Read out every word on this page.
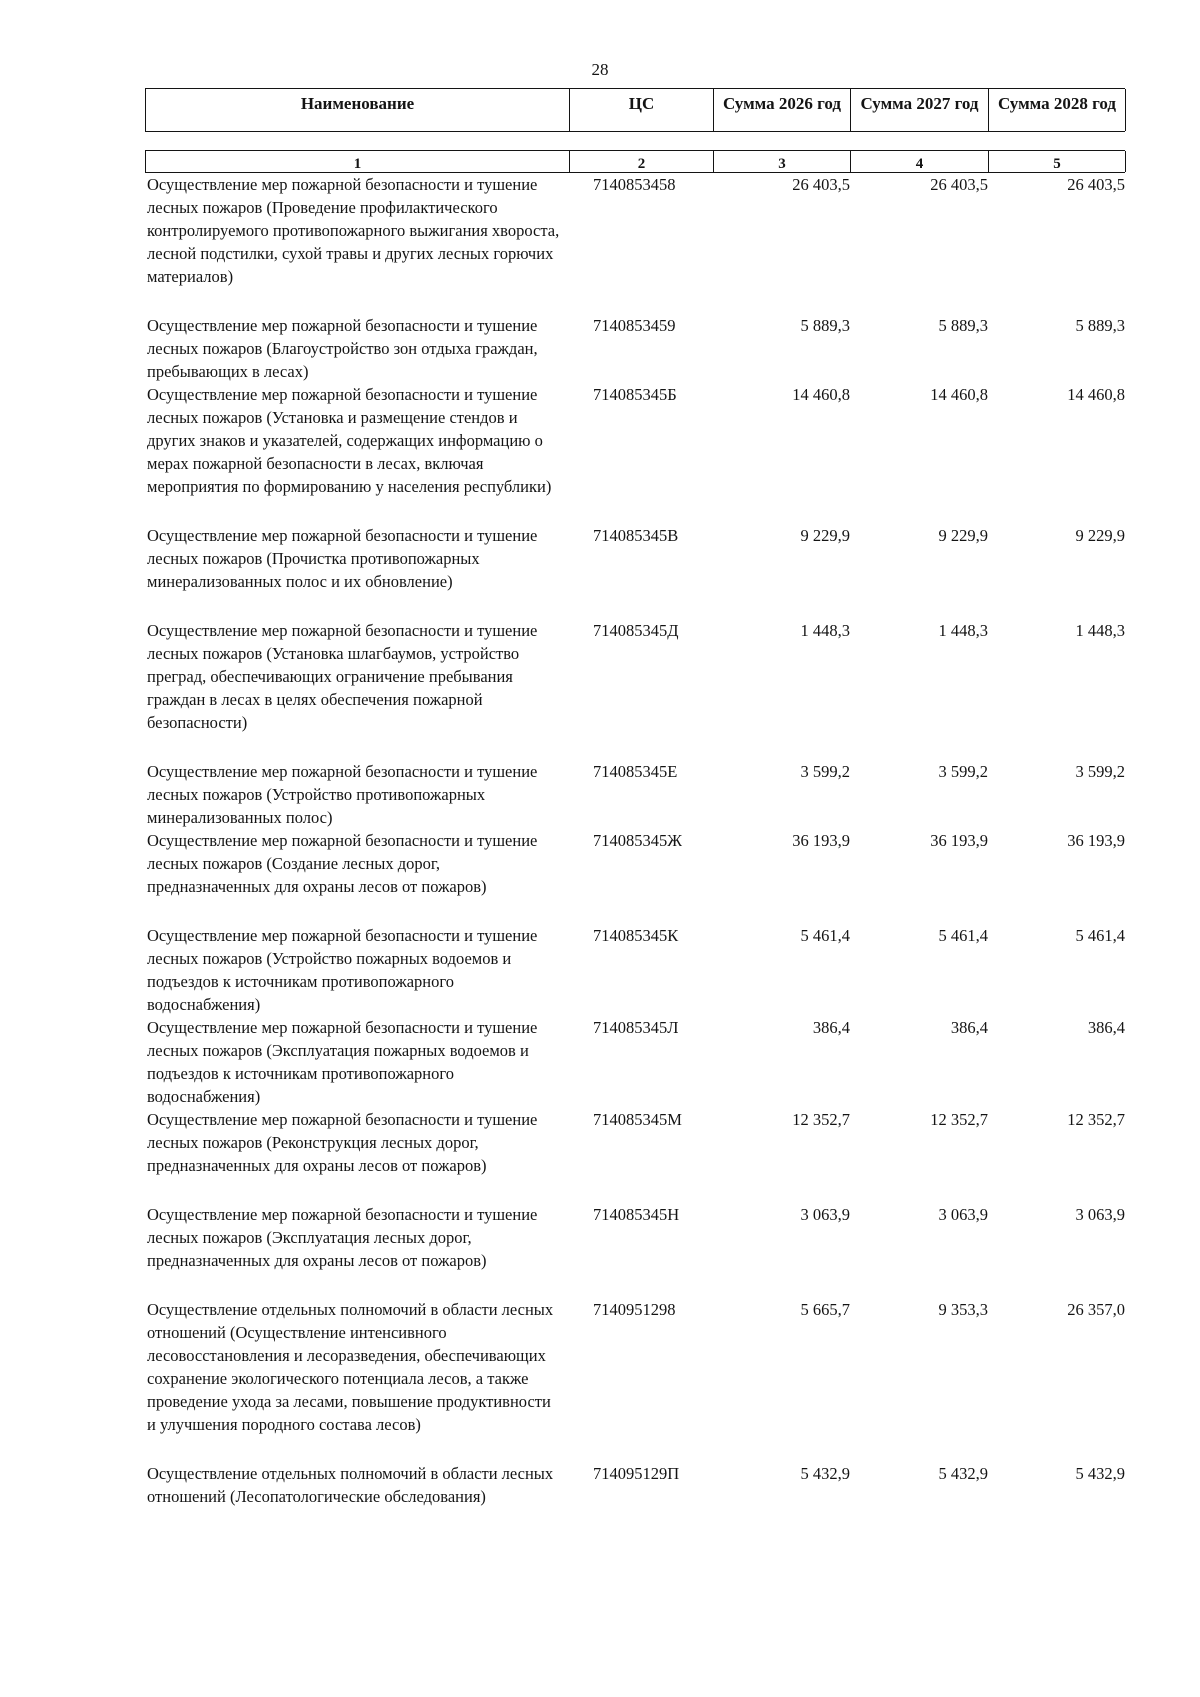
28
Наименование	ЦС	Сумма 2026 год	Сумма 2027 год	Сумма 2028 год
1	2	3	4	5
Осуществление мер пожарной безопасности и тушение лесных пожаров (Проведение профилактического контролируемого противопожарного выжигания хвороста, лесной подстилки, сухой травы и других лесных горючих материалов)
7140853458	26 403,5	26 403,5	26 403,5
Осуществление мер пожарной безопасности и тушение лесных пожаров (Благоустройство зон отдыха граждан, пребывающих в лесах)
7140853459	5 889,3	5 889,3	5 889,3
Осуществление мер пожарной безопасности и тушение лесных пожаров (Установка и размещение стендов и других знаков и указателей, содержащих информацию о мерах пожарной безопасности в лесах, включая мероприятия по формированию у населения республики)
714085345Б	14 460,8	14 460,8	14 460,8
Осуществление мер пожарной безопасности и тушение лесных пожаров (Прочистка противопожарных минерализованных полос и их обновление)
714085345В	9 229,9	9 229,9	9 229,9
Осуществление мер пожарной безопасности и тушение лесных пожаров (Установка шлагбаумов, устройство преград, обеспечивающих ограничение пребывания граждан в лесах в целях обеспечения пожарной безопасности)
714085345Д	1 448,3	1 448,3	1 448,3
Осуществление мер пожарной безопасности и тушение лесных пожаров (Устройство противопожарных минерализованных полос)
714085345Е	3 599,2	3 599,2	3 599,2
Осуществление мер пожарной безопасности и тушение лесных пожаров (Создание лесных дорог, предназначенных для охраны лесов от пожаров)
714085345Ж	36 193,9	36 193,9	36 193,9
Осуществление мер пожарной безопасности и тушение лесных пожаров (Устройство пожарных водоемов и подъездов к источникам противопожарного водоснабжения)
714085345К	5 461,4	5 461,4	5 461,4
Осуществление мер пожарной безопасности и тушение лесных пожаров (Эксплуатация пожарных водоемов и подъездов к источникам противопожарного водоснабжения)
714085345Л	386,4	386,4	386,4
Осуществление мер пожарной безопасности и тушение лесных пожаров (Реконструкция лесных дорог, предназначенных для охраны лесов от пожаров)
714085345М	12 352,7	12 352,7	12 352,7
Осуществление мер пожарной безопасности и тушение лесных пожаров (Эксплуатация лесных дорог, предназначенных для охраны лесов от пожаров)
714085345Н	3 063,9	3 063,9	3 063,9
Осуществление отдельных полномочий в области лесных отношений (Осуществление интенсивного лесовосстановления и лесоразведения, обеспечивающих сохранение экологического потенциала лесов, а также проведение ухода за лесами, повышение продуктивности и улучшения породного состава лесов)
7140951298	5 665,7	9 353,3	26 357,0
Осуществление отдельных полномочий в области лесных отношений (Лесопатологические обследования)
714095129П	5 432,9	5 432,9	5 432,9
